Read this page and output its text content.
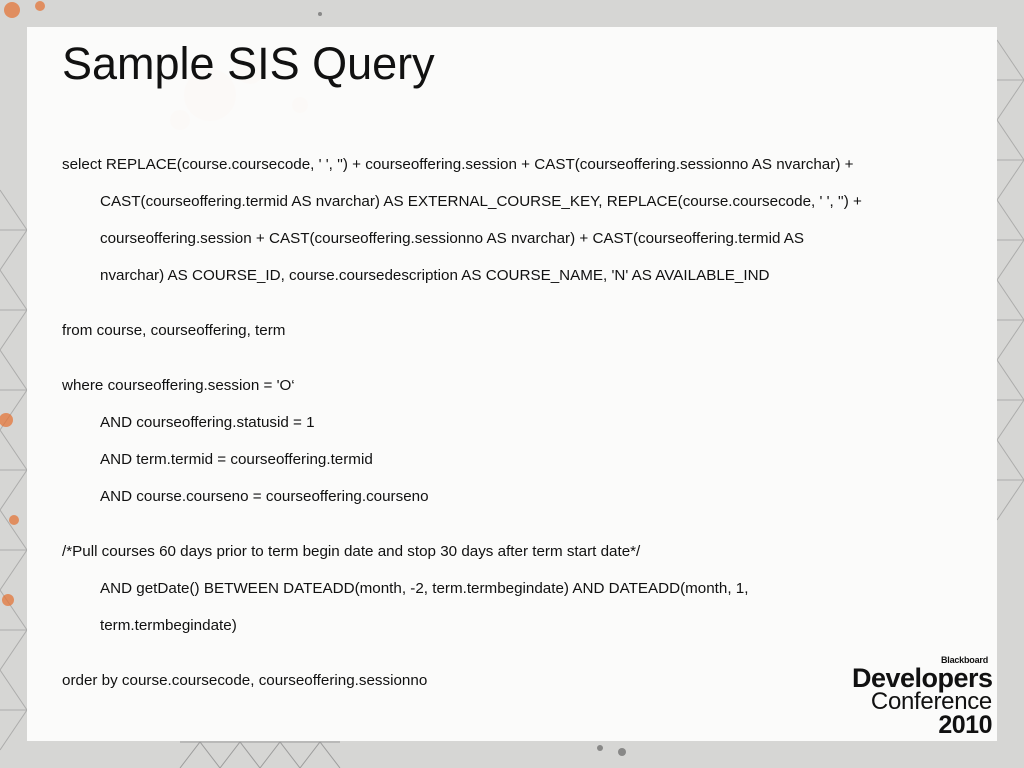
Sample SIS Query
select REPLACE(course.coursecode, ' ', '') + courseoffering.session + CAST(courseoffering.sessionno AS nvarchar) +
CAST(courseoffering.termid AS nvarchar) AS EXTERNAL_COURSE_KEY, REPLACE(course.coursecode, ' ', '') +
courseoffering.session + CAST(courseoffering.sessionno AS nvarchar) + CAST(courseoffering.termid AS
nvarchar) AS COURSE_ID, course.coursedescription AS COURSE_NAME, 'N' AS AVAILABLE_IND
from course, courseoffering, term
where courseoffering.session = 'O‘
AND courseoffering.statusid = 1
AND term.termid = courseoffering.termid
AND course.courseno = courseoffering.courseno
/*Pull courses 60 days prior to term begin date and stop 30 days after term start date*/
AND getDate() BETWEEN DATEADD(month, -2, term.termbegindate) AND DATEADD(month, 1,
term.termbegindate)
order by course.coursecode, courseoffering.sessionno
Blackboard
Developers
Conference
2010
